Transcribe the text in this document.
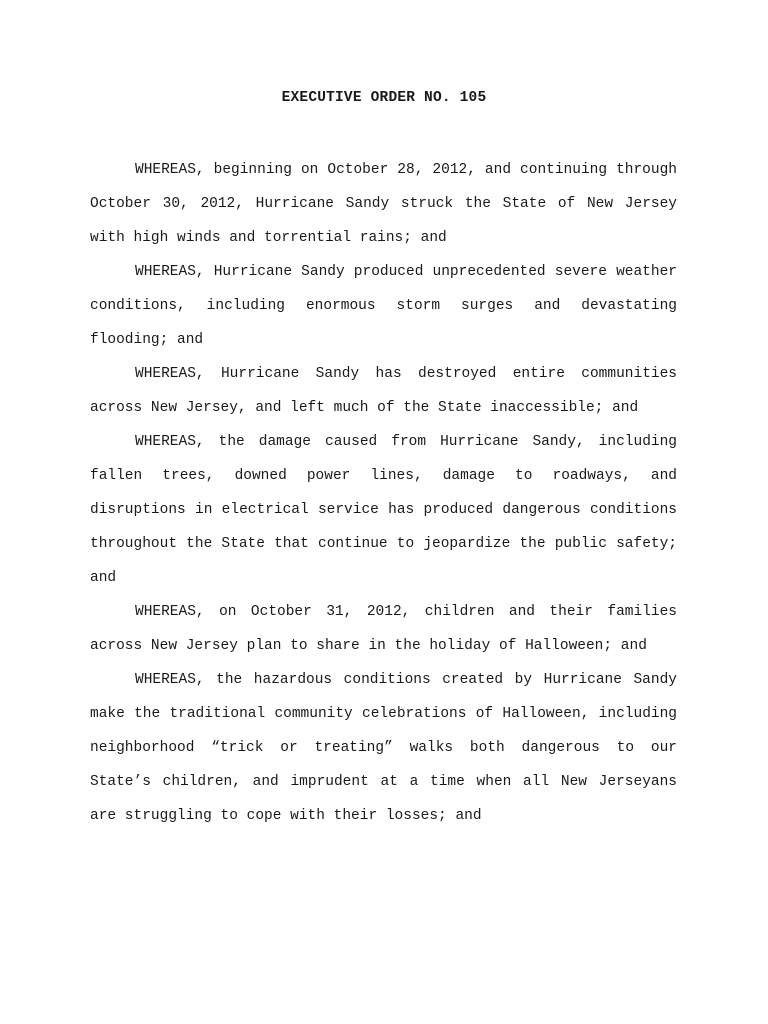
EXECUTIVE ORDER NO. 105

WHEREAS, beginning on October 28, 2012, and continuing through October 30, 2012, Hurricane Sandy struck the State of New Jersey with high winds and torrential rains; and

WHEREAS, Hurricane Sandy produced unprecedented severe weather conditions, including enormous storm surges and devastating flooding; and

WHEREAS, Hurricane Sandy has destroyed entire communities across New Jersey, and left much of the State inaccessible; and

WHEREAS, the damage caused from Hurricane Sandy, including fallen trees, downed power lines, damage to roadways, and disruptions in electrical service has produced dangerous conditions throughout the State that continue to jeopardize the public safety; and

WHEREAS, on October 31, 2012, children and their families across New Jersey plan to share in the holiday of Halloween; and

WHEREAS, the hazardous conditions created by Hurricane Sandy make the traditional community celebrations of Halloween, including neighborhood “trick or treating” walks both dangerous to our State’s children, and imprudent at a time when all New Jerseyans are struggling to cope with their losses; and
